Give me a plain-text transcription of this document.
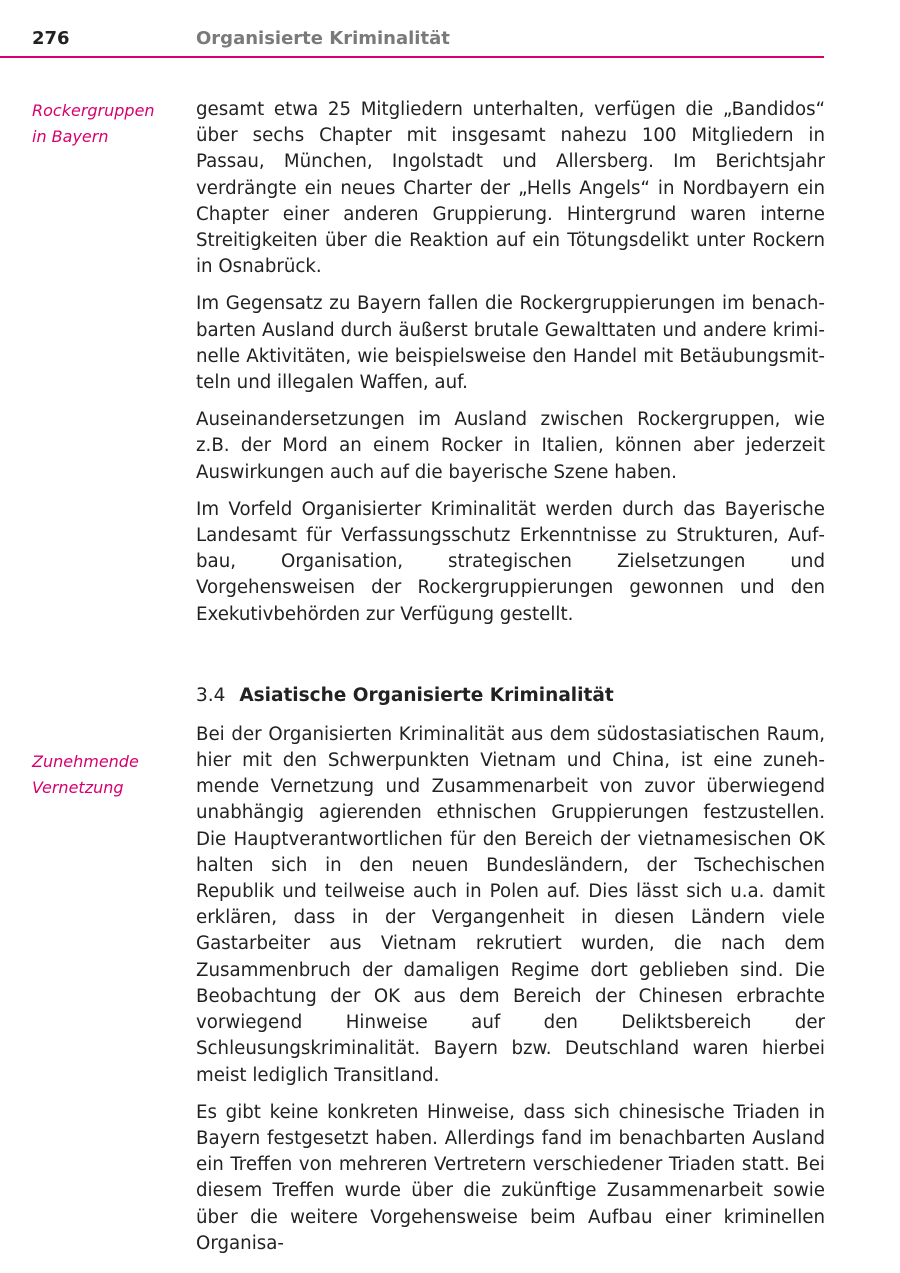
276	Organisierte Kriminalität
Rockergruppen
in Bayern
Zunehmende
Vernetzung

gesamt etwa 25 Mitgliedern unterhalten, verfügen die „Bandidos“ über sechs Chapter mit insgesamt nahezu 100 Mitgliedern in Passau, München, Ingolstadt und Allersberg. Im Berichtsjahr verdrängte ein neues Charter der „Hells Angels“ in Nordbayern ein Chapter einer anderen Gruppierung. Hintergrund waren interne Streitigkeiten über die Reaktion auf ein Tötungsdelikt unter Rockern in Osnabrück.

Im Gegensatz zu Bayern fallen die Rockergruppierungen im benachbarten Ausland durch äußerst brutale Gewalttaten und andere kriminelle Aktivitäten, wie beispielsweise den Handel mit Betäubungsmitteln und illegalen Waffen, auf.

Auseinandersetzungen im Ausland zwischen Rockergruppen, wie z.B. der Mord an einem Rocker in Italien, können aber jederzeit Auswirkungen auch auf die bayerische Szene haben.

Im Vorfeld Organisierter Kriminalität werden durch das Bayerische Landesamt für Verfassungsschutz Erkenntnisse zu Strukturen, Aufbau, Organisation, strategischen Zielsetzungen und Vorgehensweisen der Rockergruppierungen gewonnen und den Exekutivbehörden zur Verfügung gestellt.

3.4 Asiatische Organisierte Kriminalität

Bei der Organisierten Kriminalität aus dem südostasiatischen Raum, hier mit den Schwerpunkten Vietnam und China, ist eine zunehmende Vernetzung und Zusammenarbeit von zuvor überwiegend unabhängig agierenden ethnischen Gruppierungen festzustellen. Die Hauptverantwortlichen für den Bereich der vietnamesischen OK halten sich in den neuen Bundesländern, der Tschechischen Republik und teilweise auch in Polen auf. Dies lässt sich u.a. damit erklären, dass in der Vergangenheit in diesen Ländern viele Gastarbeiter aus Vietnam rekrutiert wurden, die nach dem Zusammenbruch der damaligen Regime dort geblieben sind. Die Beobachtung der OK aus dem Bereich der Chinesen erbrachte vorwiegend Hinweise auf den Deliktsbereich der Schleusungskriminalität. Bayern bzw. Deutschland waren hierbei meist lediglich Transitland.

Es gibt keine konkreten Hinweise, dass sich chinesische Triaden in Bayern festgesetzt haben. Allerdings fand im benachbarten Ausland ein Treffen von mehreren Vertretern verschiedener Triaden statt. Bei diesem Treffen wurde über die zukünftige Zusammenarbeit sowie über die weitere Vorgehensweise beim Aufbau einer kriminellen Organisa-
